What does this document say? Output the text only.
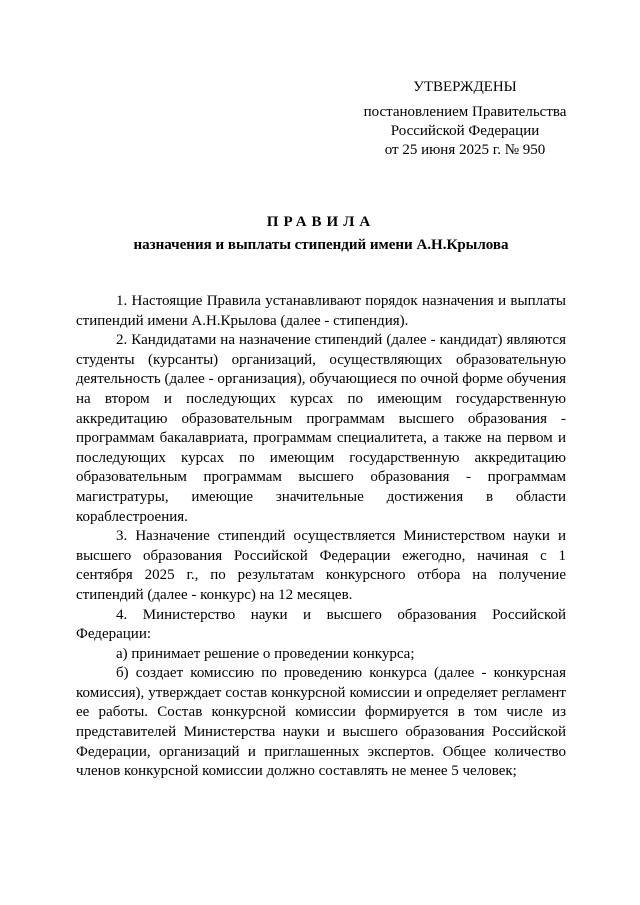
УТВЕРЖДЕНЫ
постановлением Правительства
Российской Федерации
от 25 июня 2025 г. № 950
ПРАВИЛА
назначения и выплаты стипендий имени А.Н.Крылова

1. Настоящие Правила устанавливают порядок назначения и выплаты стипендий имени А.Н.Крылова (далее - стипендия).

2. Кандидатами на назначение стипендий (далее - кандидат) являются студенты (курсанты) организаций, осуществляющих образовательную деятельность (далее - организация), обучающиеся по очной форме обучения на втором и последующих курсах по имеющим государственную аккредитацию образовательным программам высшего образования - программам бакалавриата, программам специалитета, а также на первом и последующих курсах по имеющим государственную аккредитацию образовательным программам высшего образования - программам магистратуры, имеющие значительные достижения в области кораблестроения.

3. Назначение стипендий осуществляется Министерством науки и высшего образования Российской Федерации ежегодно, начиная с 1 сентября 2025 г., по результатам конкурсного отбора на получение стипендий (далее - конкурс) на 12 месяцев.

4. Министерство науки и высшего образования Российской Федерации:

а) принимает решение о проведении конкурса;

б) создает комиссию по проведению конкурса (далее - конкурсная комиссия), утверждает состав конкурсной комиссии и определяет регламент ее работы. Состав конкурсной комиссии формируется в том числе из представителей Министерства науки и высшего образования Российской Федерации, организаций и приглашенных экспертов. Общее количество членов конкурсной комиссии должно составлять не менее 5 человек;
